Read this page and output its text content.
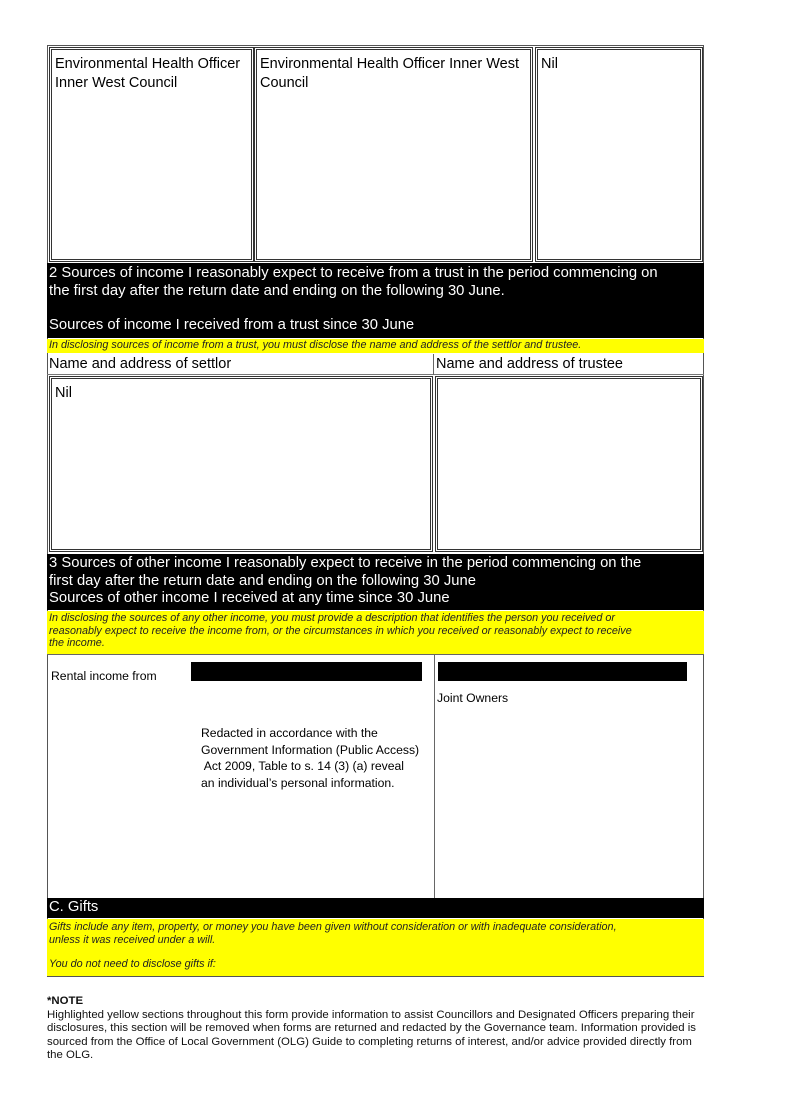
Environmental Health Officer Inner West Council
Environmental Health Officer Inner West Council
Nil
2 Sources of income I reasonably expect to receive from a trust in the period commencing on
the first day after the return date and ending on the following 30 June.
Sources of income I received from a trust since 30 June
In disclosing sources of income from a trust, you must disclose the name and address of the settlor and trustee.
Name and address of settlor	Name and address of trustee
Nil
3 Sources of other income I reasonably expect to receive in the period commencing on the
first day after the return date and ending on the following 30 June
Sources of other income I received at any time since 30 June
In disclosing the sources of any other income, you must provide a description that identifies the person you received or
reasonably expect to receive the income from, or the circumstances in which you received or reasonably expect to receive
the income.
Rental income from
Joint Owners
Redacted in accordance with the
Government Information (Public Access)
Act 2009, Table to s. 14 (3) (a) reveal
an individual’s personal information.
C. Gifts
Gifts include any item, property, or money you have been given without consideration or with inadequate consideration,
unless it was received under a will.
You do not need to disclose gifts if:
*NOTE
Highlighted yellow sections throughout this form provide information to assist Councillors and Designated Officers preparing their
disclosures, this section will be removed when forms are returned and redacted by the Governance team. Information provided is
sourced from the Office of Local Government (OLG) Guide to completing returns of interest, and/or advice provided directly from
the OLG.
